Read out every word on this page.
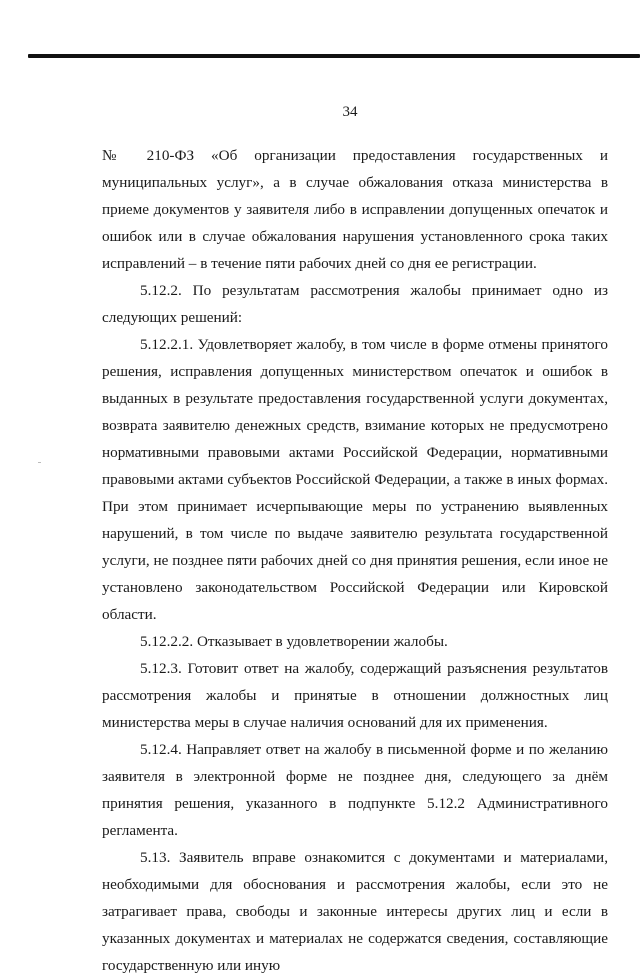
34

№ 210-ФЗ «Об организации предоставления государственных и муниципальных услуг», а в случае обжалования отказа министерства в приеме документов у заявителя либо в исправлении допущенных опечаток и ошибок или в случае обжалования нарушения установленного срока таких исправлений – в течение пяти рабочих дней со дня ее регистрации.

5.12.2. По результатам рассмотрения жалобы принимает одно из следующих решений:

5.12.2.1. Удовлетворяет жалобу, в том числе в форме отмены принятого решения, исправления допущенных министерством опечаток и ошибок в выданных в результате предоставления государственной услуги документах, возврата заявителю денежных средств, взимание которых не предусмотрено нормативными правовыми актами Российской Федерации, нормативными правовыми актами субъектов Российской Федерации, а также в иных формах. При этом принимает исчерпывающие меры по устранению выявленных нарушений, в том числе по выдаче заявителю результата государственной услуги, не позднее пяти рабочих дней со дня принятия решения, если иное не установлено законодательством Российской Федерации или Кировской области.

5.12.2.2. Отказывает в удовлетворении жалобы.

5.12.3. Готовит ответ на жалобу, содержащий разъяснения результатов рассмотрения жалобы и принятые в отношении должностных лиц министерства меры в случае наличия оснований для их применения.

5.12.4. Направляет ответ на жалобу в письменной форме и по желанию заявителя в электронной форме не позднее дня, следующего за днём принятия решения, указанного в подпункте 5.12.2 Административного регламента.

5.13. Заявитель вправе ознакомится с документами и материалами, необходимыми для обоснования и рассмотрения жалобы, если это не затрагивает права, свободы и законные интересы других лиц и если в указанных документах и материалах не содержатся сведения, составляющие государственную или иную
